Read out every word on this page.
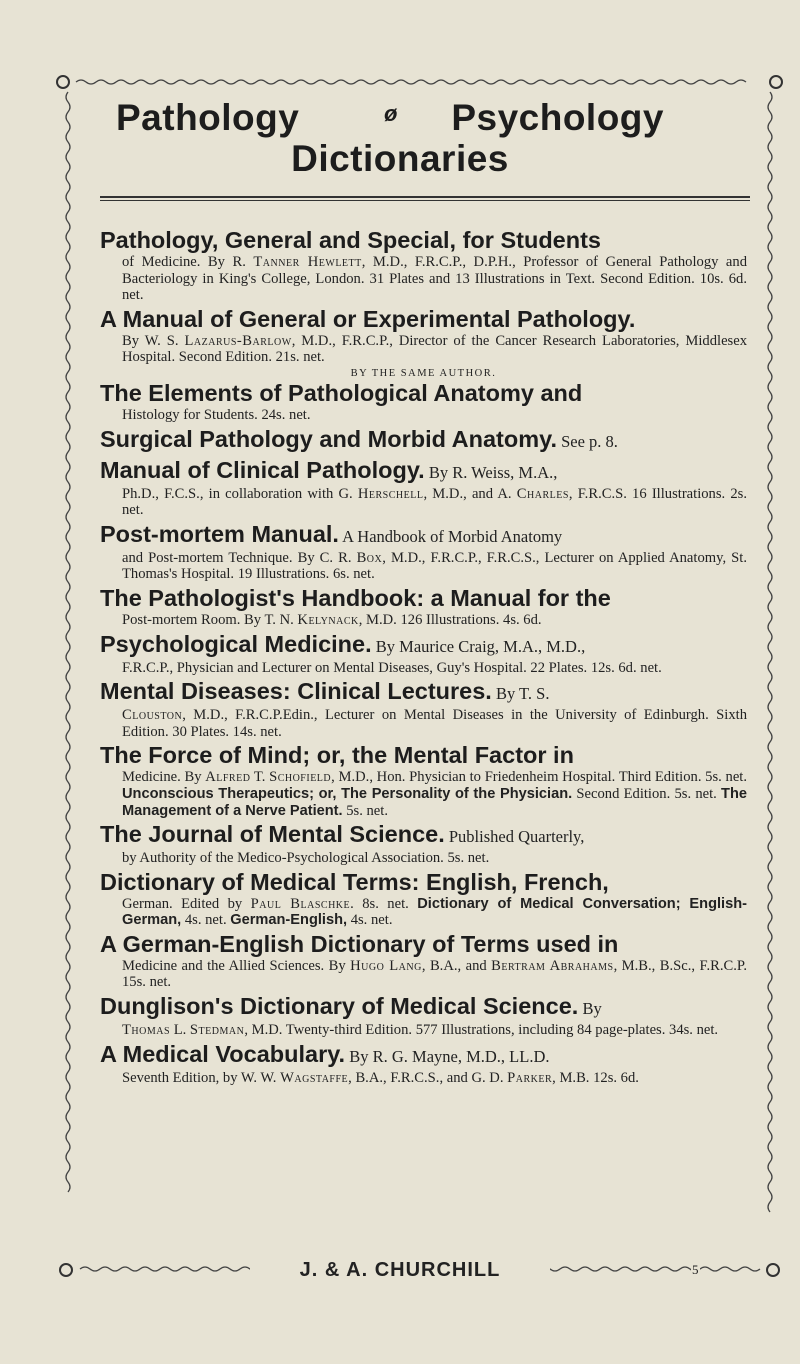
Pathology	ø Psychology
Dictionaries
Pathology, General and Special, for Students
of Medicine. By R. Tanner Hewlett, M.D., F.R.C.P., D.P.H., Professor of General Pathology and Bacteriology in King's College, London. 31 Plates and 13 Illustrations in Text. Second Edition. 10s. 6d. net.
A Manual of General or Experimental Pathology.
By W. S. Lazarus-Barlow, M.D., F.R.C.P., Director of the Cancer Research Laboratories, Middlesex Hospital. Second Edition. 21s. net.
BY THE SAME AUTHOR.
The Elements of Pathological Anatomy and
Histology for Students. 24s. net.
Surgical Pathology and Morbid Anatomy. See p. 8.
Manual of Clinical Pathology. By R. Weiss, M.A.,
Ph.D., F.C.S., in collaboration with G. Herschell, M.D., and A. Charles, F.R.C.S. 16 Illustrations. 2s. net.
Post-mortem Manual. A Handbook of Morbid Anatomy
and Post-mortem Technique. By C. R. Box, M.D., F.R.C.P., F.R.C.S., Lecturer on Applied Anatomy, St. Thomas's Hospital. 19 Illustrations. 6s. net.
The Pathologist's Handbook: a Manual for the
Post-mortem Room. By T. N. Kelynack, M.D. 126 Illustrations. 4s. 6d.
Psychological Medicine. By Maurice Craig, M.A., M.D.,
F.R.C.P., Physician and Lecturer on Mental Diseases, Guy's Hospital. 22 Plates. 12s. 6d. net.
Mental Diseases: Clinical Lectures. By T. S.
Clouston, M.D., F.R.C.P.Edin., Lecturer on Mental Diseases in the University of Edinburgh. Sixth Edition. 30 Plates. 14s. net.
The Force of Mind; or, the Mental Factor in
Medicine. By Alfred T. Schofield, M.D., Hon. Physician to Friedenheim Hospital. Third Edition. 5s. net. Unconscious Therapeutics; or, The Personality of the Physician. Second Edition. 5s. net. The Management of a Nerve Patient. 5s. net.
The Journal of Mental Science. Published Quarterly,
by Authority of the Medico-Psychological Association. 5s. net.
Dictionary of Medical Terms: English, French,
German. Edited by Paul Blaschke. 8s. net. Dictionary of Medical Conversation; English-German, 4s. net. German-English, 4s. net.
A German-English Dictionary of Terms used in
Medicine and the Allied Sciences. By Hugo Lang, B.A., and Bertram Abrahams, M.B., B.Sc., F.R.C.P. 15s. net.
Dunglison's Dictionary of Medical Science. By
Thomas L. Stedman, M.D. Twenty-third Edition. 577 Illustrations, including 84 page-plates. 34s. net.
A Medical Vocabulary. By R. G. Mayne, M.D., LL.D.
Seventh Edition, by W. W. Wagstaffe, B.A., F.R.C.S., and G. D. Parker, M.B. 12s. 6d.
J. & A. CHURCHILL	5
